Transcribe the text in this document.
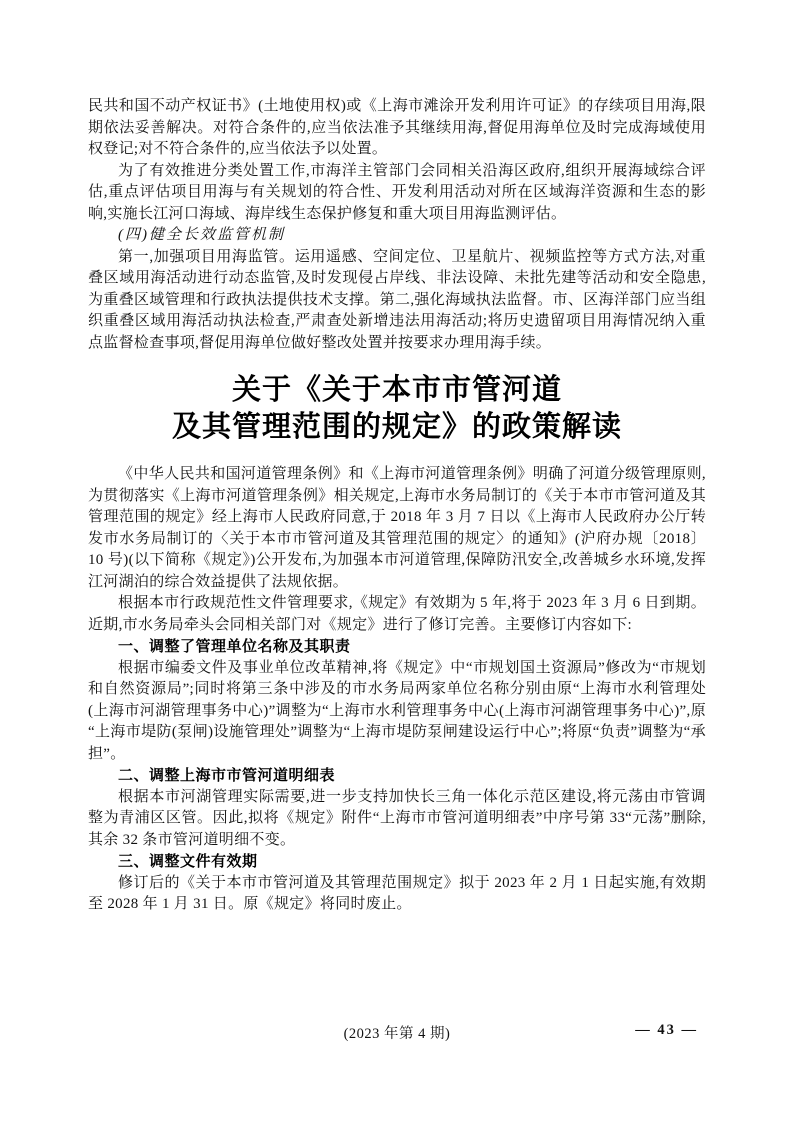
民共和国不动产权证书》(土地使用权)或《上海市滩涂开发利用许可证》的存续项目用海,限期依法妥善解决。对符合条件的,应当依法准予其继续用海,督促用海单位及时完成海域使用权登记;对不符合条件的,应当依法予以处置。

为了有效推进分类处置工作,市海洋主管部门会同相关沿海区政府,组织开展海域综合评估,重点评估项目用海与有关规划的符合性、开发利用活动对所在区域海洋资源和生态的影响,实施长江河口海域、海岸线生态保护修复和重大项目用海监测评估。

(四)健全长效监管机制

第一,加强项目用海监管。运用遥感、空间定位、卫星航片、视频监控等方式方法,对重叠区域用海活动进行动态监管,及时发现侵占岸线、非法设障、未批先建等活动和安全隐患,为重叠区域管理和行政执法提供技术支撑。第二,强化海域执法监督。市、区海洋部门应当组织重叠区域用海活动执法检查,严肃查处新增违法用海活动;将历史遗留项目用海情况纳入重点监督检查事项,督促用海单位做好整改处置并按要求办理用海手续。

关于《关于本市市管河道
及其管理范围的规定》的政策解读

《中华人民共和国河道管理条例》和《上海市河道管理条例》明确了河道分级管理原则,为贯彻落实《上海市河道管理条例》相关规定,上海市水务局制订的《关于本市市管河道及其管理范围的规定》经上海市人民政府同意,于 2018 年 3 月 7 日以《上海市人民政府办公厅转发市水务局制订的〈关于本市市管河道及其管理范围的规定〉的通知》(沪府办规〔2018〕10 号)(以下简称《规定》)公开发布,为加强本市河道管理,保障防汛安全,改善城乡水环境,发挥江河湖泊的综合效益提供了法规依据。

根据本市行政规范性文件管理要求,《规定》有效期为 5 年,将于 2023 年 3 月 6 日到期。近期,市水务局牵头会同相关部门对《规定》进行了修订完善。主要修订内容如下:

一、调整了管理单位名称及其职责

根据市编委文件及事业单位改革精神,将《规定》中“市规划国土资源局”修改为“市规划和自然资源局”;同时将第三条中涉及的市水务局两家单位名称分别由原“上海市水利管理处(上海市河湖管理事务中心)”调整为“上海市水利管理事务中心(上海市河湖管理事务中心)”,原“上海市堤防(泵闸)设施管理处”调整为“上海市堤防泵闸建设运行中心”;将原“负责”调整为“承担”。

二、调整上海市市管河道明细表

根据本市河湖管理实际需要,进一步支持加快长三角一体化示范区建设,将元荡由市管调整为青浦区区管。因此,拟将《规定》附件“上海市市管河道明细表”中序号第 33“元荡”删除,其余 32 条市管河道明细不变。

三、调整文件有效期

修订后的《关于本市市管河道及其管理范围规定》拟于 2023 年 2 月 1 日起实施,有效期至 2028 年 1 月 31 日。原《规定》将同时废止。

(2023 年第 4 期)	— 43 —
